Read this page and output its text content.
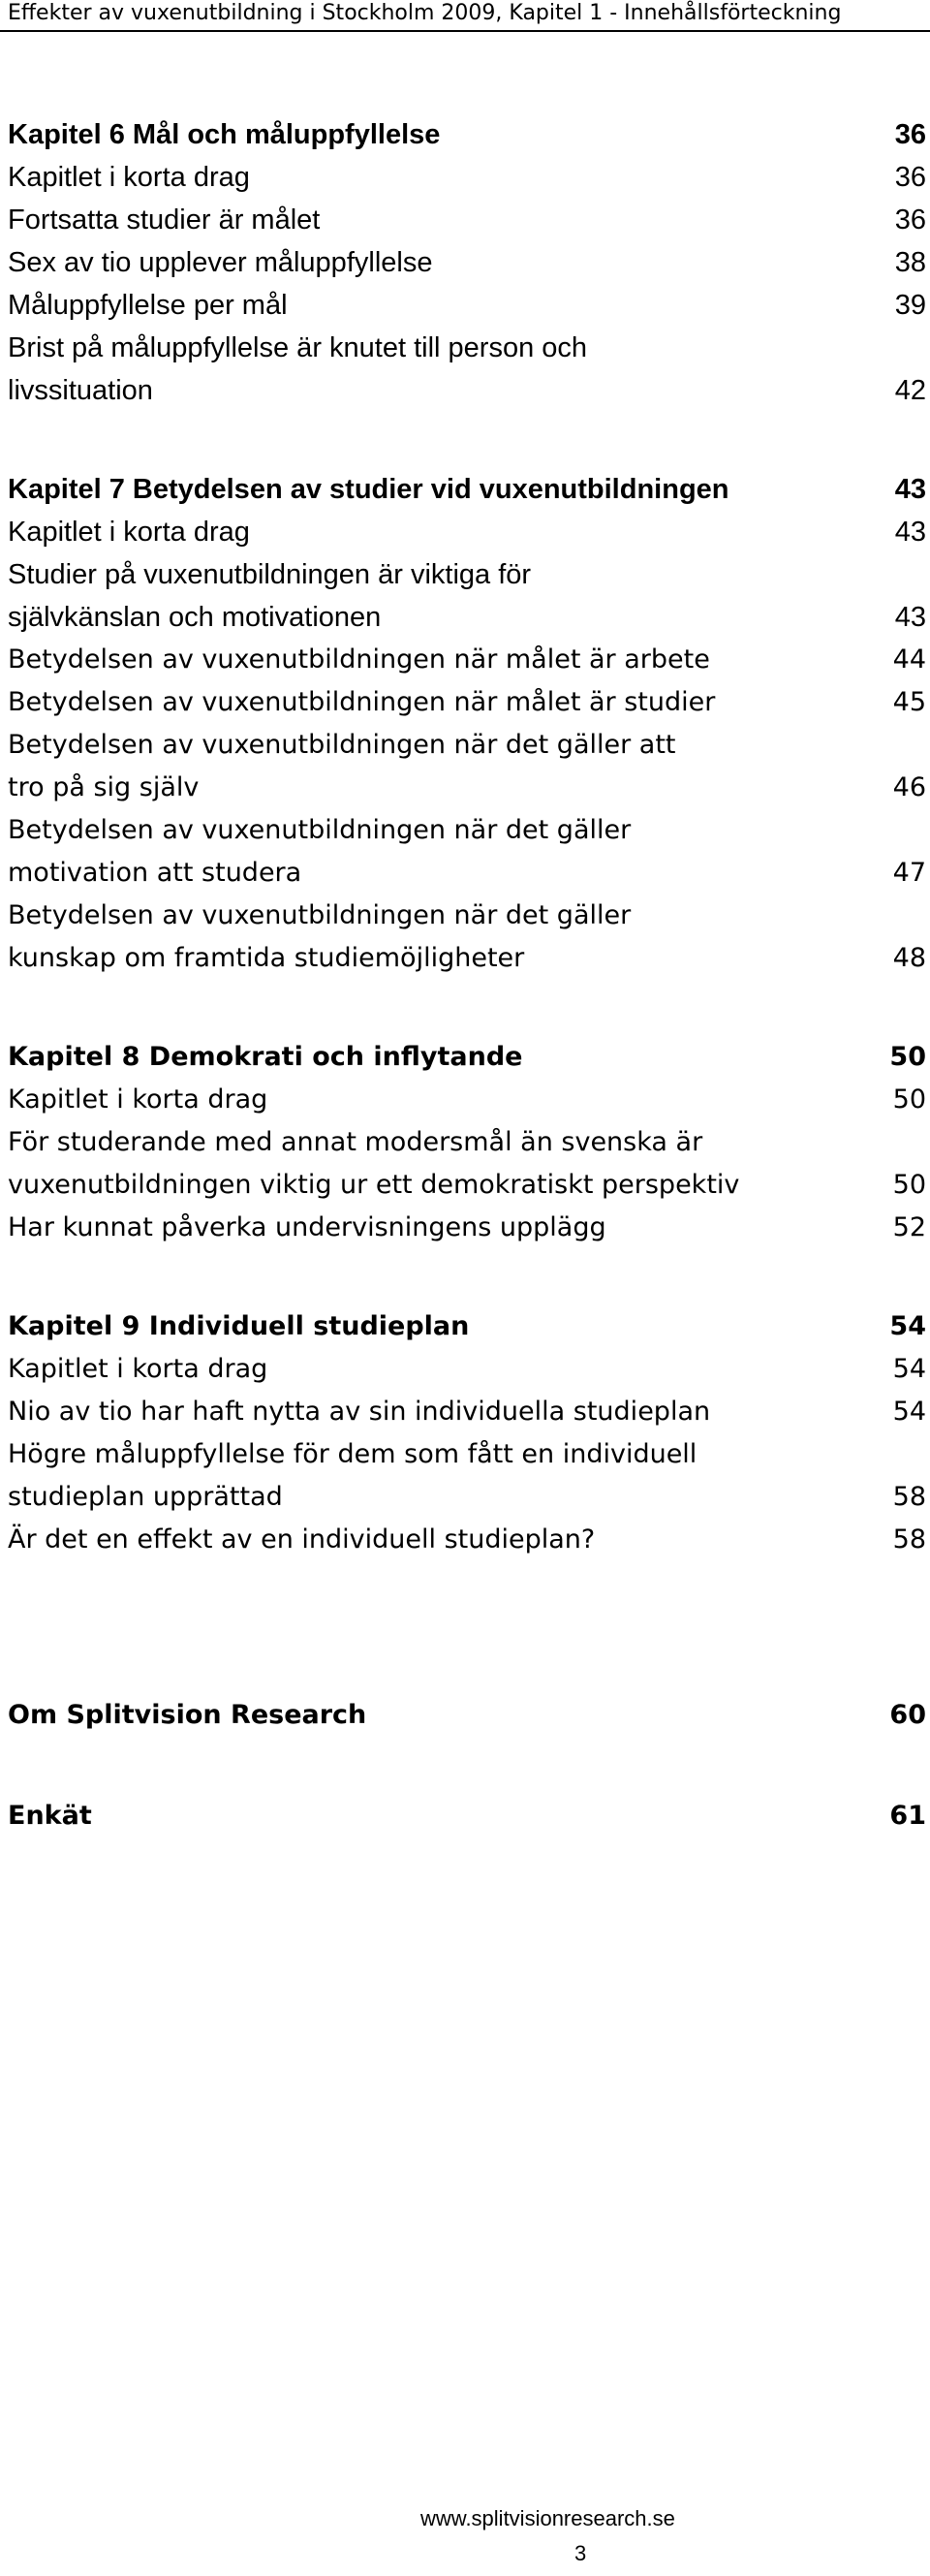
Effekter av vuxenutbildning i Stockholm 2009, Kapitel 1 - Innehållsförteckning
Kapitel 6 Mål och måluppfyllelse	36
Kapitlet i korta drag	36
Fortsatta studier är målet	36
Sex av tio upplever måluppfyllelse	38
Måluppfyllelse per mål	39
Brist på måluppfyllelse är knutet till person och
livssituation	42
Kapitel 7 Betydelsen av studier vid vuxenutbildningen	43
Kapitlet i korta drag	43
Studier på vuxenutbildningen är viktiga för
självkänslan och motivationen	43
Betydelsen av vuxenutbildningen när målet är arbete	44
Betydelsen av vuxenutbildningen när målet är studier	45
Betydelsen av vuxenutbildningen när det gäller att
tro på sig själv	46
Betydelsen av vuxenutbildningen när det gäller
motivation att studera	47
Betydelsen av vuxenutbildningen när det gäller
kunskap om framtida studiemöjligheter	48
Kapitel 8 Demokrati och inflytande	50
Kapitlet i korta drag	50
För studerande med annat modersmål än svenska är
vuxenutbildningen viktig ur ett demokratiskt perspektiv	50
Har kunnat påverka undervisningens upplägg	52
Kapitel 9 Individuell studieplan	54
Kapitlet i korta drag	54
Nio av tio har haft nytta av sin individuella studieplan	54
Högre måluppfyllelse för dem som fått en individuell
studieplan upprättad	58
Är det en effekt av en individuell studieplan?	58
Om Splitvision Research	60
Enkät	61
www.splitvisionresearch.se
3
